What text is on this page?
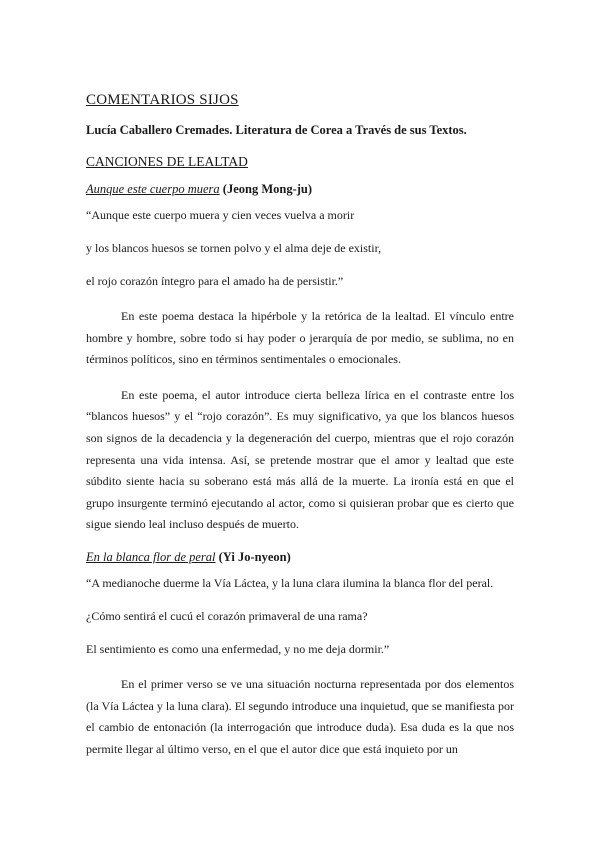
COMENTARIOS SIJOS
Lucía Caballero Cremades. Literatura de Corea a Través de sus Textos.
CANCIONES DE LEALTAD
Aunque este cuerpo muera (Jeong Mong-ju)
“Aunque este cuerpo muera y cien veces vuelva a morir
y los blancos huesos se tornen polvo y el alma deje de existir,
el rojo corazón íntegro para el amado ha de persistir.”

En este poema destaca la hipérbole y la retórica de la lealtad. El vínculo entre hombre y hombre, sobre todo si hay poder o jerarquía de por medio, se sublima, no en términos políticos, sino en términos sentimentales o emocionales.

En este poema, el autor introduce cierta belleza lírica en el contraste entre los “blancos huesos” y el “rojo corazón”. Es muy significativo, ya que los blancos huesos son signos de la decadencia y la degeneración del cuerpo, mientras que el rojo corazón representa una vida intensa. Así, se pretende mostrar que el amor y lealtad que este súbdito siente hacia su soberano está más allá de la muerte. La ironía está en que el grupo insurgente terminó ejecutando al actor, como si quisieran probar que es cierto que sigue siendo leal incluso después de muerto.

En la blanca flor de peral (Yi Jo-nyeon)
“A medianoche duerme la Vía Láctea, y la luna clara ilumina la blanca flor del peral.
¿Cómo sentirá el cucú el corazón primaveral de una rama?
El sentimiento es como una enfermedad, y no me deja dormir.”

En el primer verso se ve una situación nocturna representada por dos elementos (la Vía Láctea y la luna clara). El segundo introduce una inquietud, que se manifiesta por el cambio de entonación (la interrogación que introduce duda). Esa duda es la que nos permite llegar al último verso, en el que el autor dice que está inquieto por un
